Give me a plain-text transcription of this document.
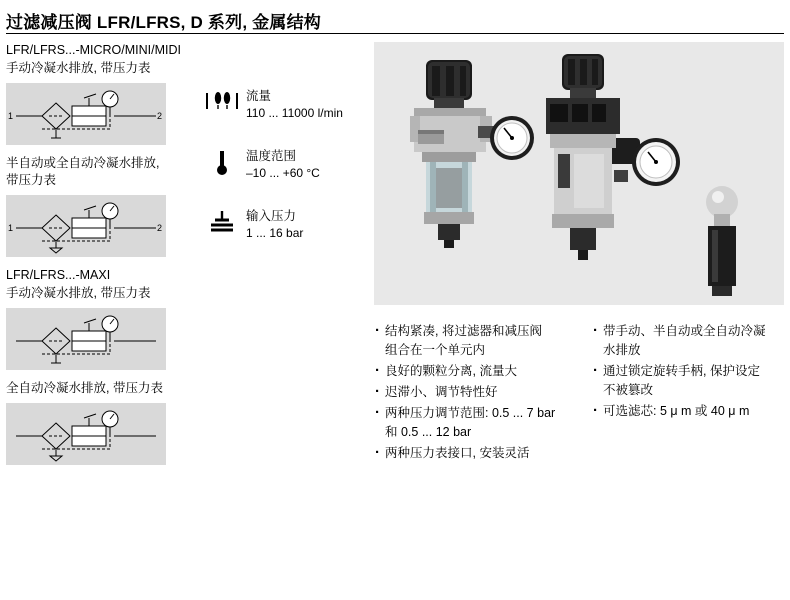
过滤减压阀 LFR/LFRS, D 系列, 金属结构
LFR/LFRS...-MICRO/MINI/MIDI
手动冷凝水排放, 带压力表
1	2
半自动或全自动冷凝水排放,
带压力表
1	2
LFR/LFRS...-MAXI
手动冷凝水排放, 带压力表
全自动冷凝水排放, 带压力表
流量
110 ... 11000 l/min
温度范围
–10 ... +60 °C
输入压力
1 ... 16 bar
· 结构紧凑, 将过滤器和减压阀
组合在一个单元内
· 良好的颗粒分离, 流量大
· 迟滞小、调节特性好
· 两种压力调节范围: 0.5 ... 7 bar
和 0.5 ... 12 bar
· 两种压力表接口, 安装灵活
· 带手动、半自动或全自动冷凝
水排放
· 通过锁定旋转手柄, 保护设定
不被篡改
· 可选滤芯: 5 μ m 或 40 μ m
